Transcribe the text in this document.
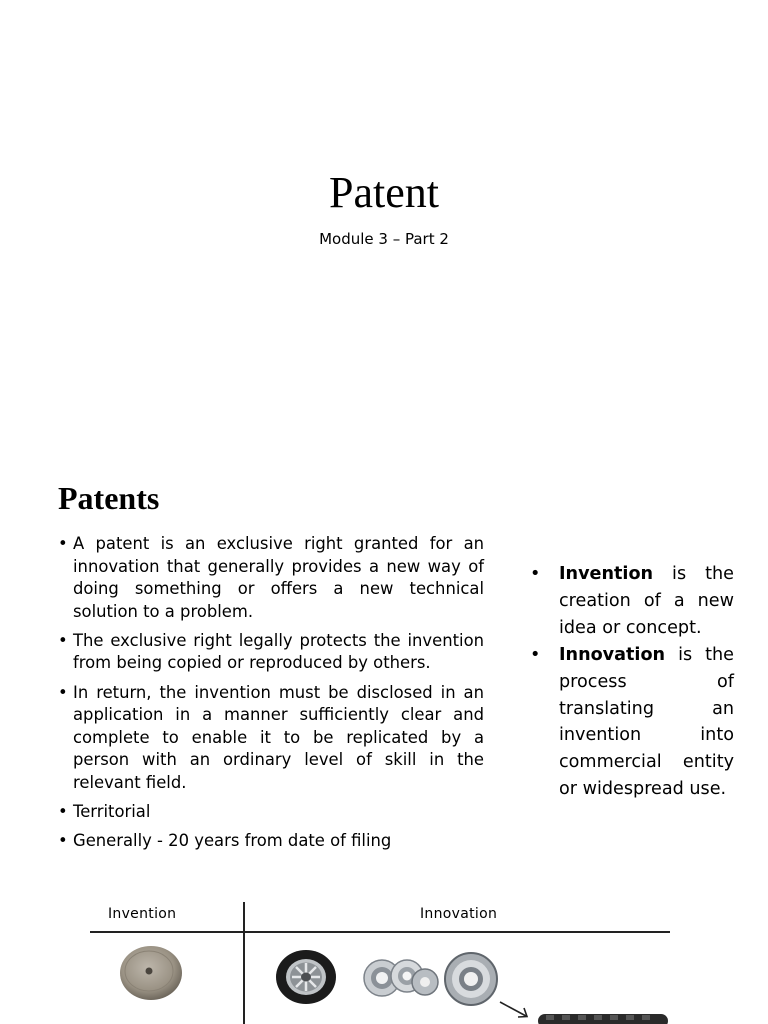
Patent
Module 3 – Part 2
Patents
• A patent is an exclusive right granted for an innovation that generally provides a new way of doing something or offers a new technical solution to a problem.
• The exclusive right legally protects the invention from being copied or reproduced by others.
• In return, the invention must be disclosed in an application in a manner sufficiently clear and complete to enable it to be replicated by a person with an ordinary level of skill in the relevant field.
• Territorial
• Generally - 20 years from date of filing
• Invention is the creation of a new idea or concept.
• Innovation is the process of translating an invention into commercial entity or widespread use.
Invention	Innovation
